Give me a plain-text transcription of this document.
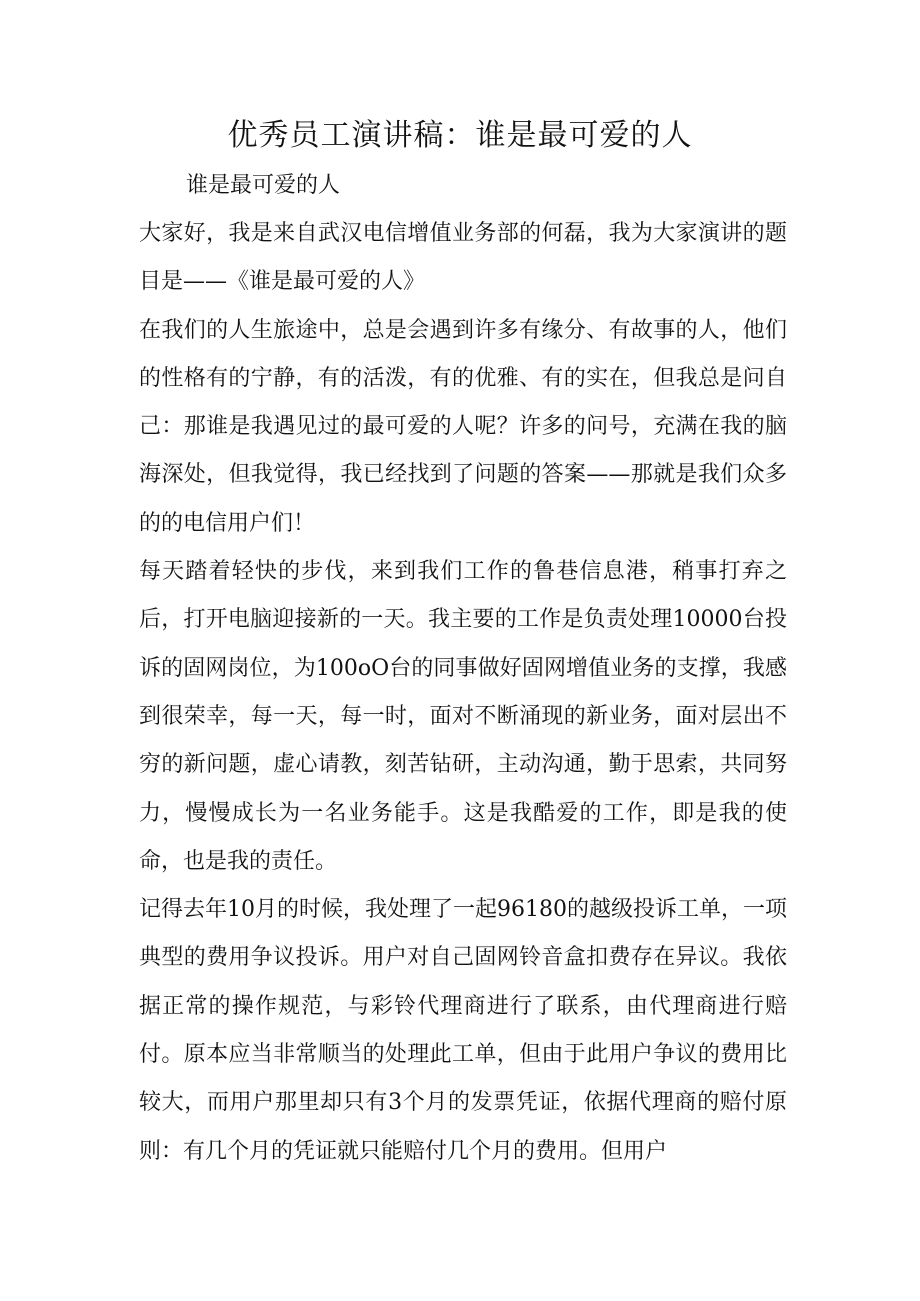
优秀员工演讲稿：谁是最可爱的人

谁是最可爱的人

大家好，我是来自武汉电信增值业务部的何磊，我为大家演讲的题目是——《谁是最可爱的人》

在我们的人生旅途中，总是会遇到许多有缘分、有故事的人，他们的性格有的宁静，有的活泼，有的优雅、有的实在，但我总是问自己：那谁是我遇见过的最可爱的人呢？许多的问号，充满在我的脑海深处，但我觉得，我已经找到了问题的答案——那就是我们众多的的电信用户们！

每天踏着轻快的步伐，来到我们工作的鲁巷信息港，稍事打弃之后，打开电脑迎接新的一天。我主要的工作是负责处理10000台投诉的固网岗位，为100oO台的同事做好固网增值业务的支撑，我感到很荣幸，每一天，每一时，面对不断涌现的新业务，面对层出不穷的新问题，虚心请教，刻苦钻研，主动沟通，勤于思索，共同努力，慢慢成长为一名业务能手。这是我酷爱的工作，即是我的使命，也是我的责任。

记得去年10月的时候，我处理了一起96180的越级投诉工单，一项典型的费用争议投诉。用户对自己固网铃音盒扣费存在异议。我依据正常的操作规范，与彩铃代理商进行了联系，由代理商进行赔付。原本应当非常顺当的处理此工单，但由于此用户争议的费用比较大，而用户那里却只有3个月的发票凭证，依据代理商的赔付原则：有几个月的凭证就只能赔付几个月的费用。但用户
